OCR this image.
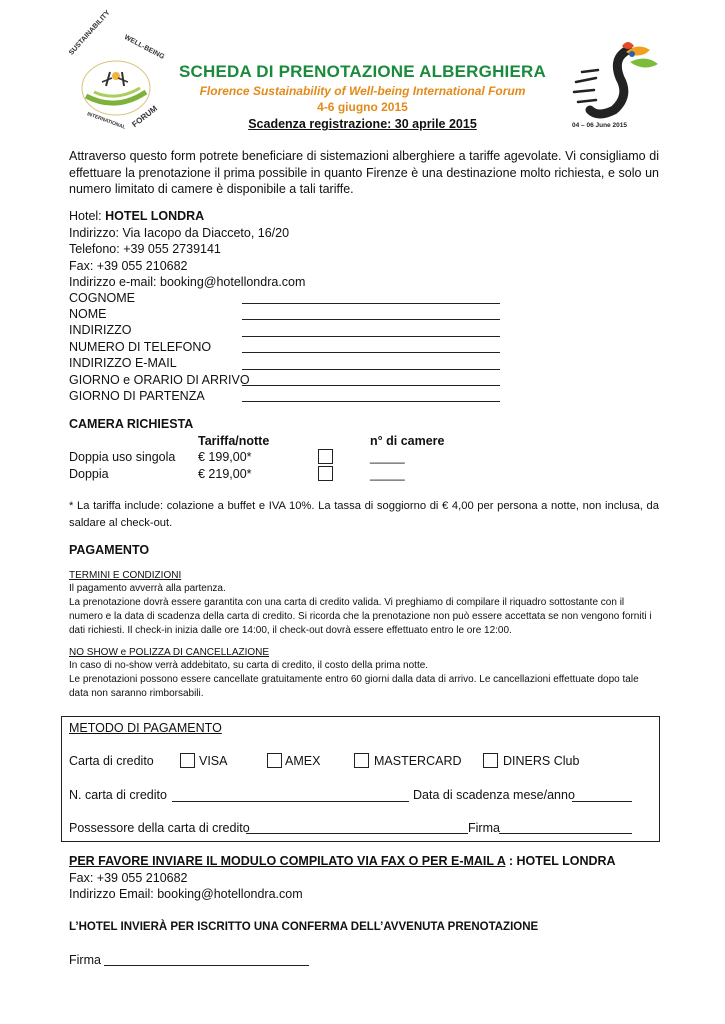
SUSTAINABILITY WELL-BEING
INTERNATIONAL FORUM	04 – 06 June 2015
SCHEDA DI PRENOTAZIONE ALBERGHIERA
Florence Sustainability of Well-being International Forum
4-6 giugno 2015
Scadenza registrazione: 30 aprile 2015
Attraverso questo form potrete beneficiare di sistemazioni alberghiere a tariffe agevolate. Vi consigliamo di effettuare la prenotazione il prima possibile in quanto Firenze è una destinazione molto richiesta, e solo un numero limitato di camere è disponibile a tali tariffe.
Hotel: HOTEL LONDRA
Indirizzo: Via Iacopo da Diacceto, 16/20
Telefono: +39 055 2739141
Fax: +39 055 210682
Indirizzo e-mail: booking@hotellondra.com
COGNOME
NOME
INDIRIZZO
NUMERO DI TELEFONO
INDIRIZZO E-MAIL
GIORNO e ORARIO DI ARRIVO
GIORNO DI PARTENZA
CAMERA RICHIESTA
Tariffa/notte	n° di camere
Doppia uso singola € 199,00*	_____
Doppia	€ 219,00*	_____
* La tariffa include: colazione a buffet e IVA 10%. La tassa di soggiorno di € 4,00 per persona a notte, non inclusa, da saldare al check-out.
PAGAMENTO
TERMINI E CONDIZIONI
Il pagamento avverrà alla partenza.
La prenotazione dovrà essere garantita con una carta di credito valida. Vi preghiamo di compilare il riquadro sottostante con il
numero e la data di scadenza della carta di credito. Si ricorda che la prenotazione non può essere accettata se non vengono forniti i
dati richiesti. Il check-in inizia dalle ore 14:00, il check-out dovrà essere effettuato entro le ore 12:00.
NO SHOW e POLIZZA DI CANCELLAZIONE
In caso di no-show verrà addebitato, su carta di credito, il costo della prima notte.
Le prenotazioni possono essere cancellate gratuitamente entro 60 giorni dalla data di arrivo. Le cancellazioni effettuate dopo tale
data non saranno rimborsabili.
METODO DI PAGAMENTO
Carta di credito	VISA	AMEX	MASTERCARD	DINERS Club
N. carta di credito	Data di scadenza mese/anno
Possessore della carta di credito	Firma
PER FAVORE INVIARE IL MODULO COMPILATO VIA FAX O PER E-MAIL A : HOTEL LONDRA
Fax: +39 055 210682
Indirizzo Email: booking@hotellondra.com
L’HOTEL INVIERÀ PER ISCRITTO UNA CONFERMA DELL’AVVENUTA PRENOTAZIONE
Firma
